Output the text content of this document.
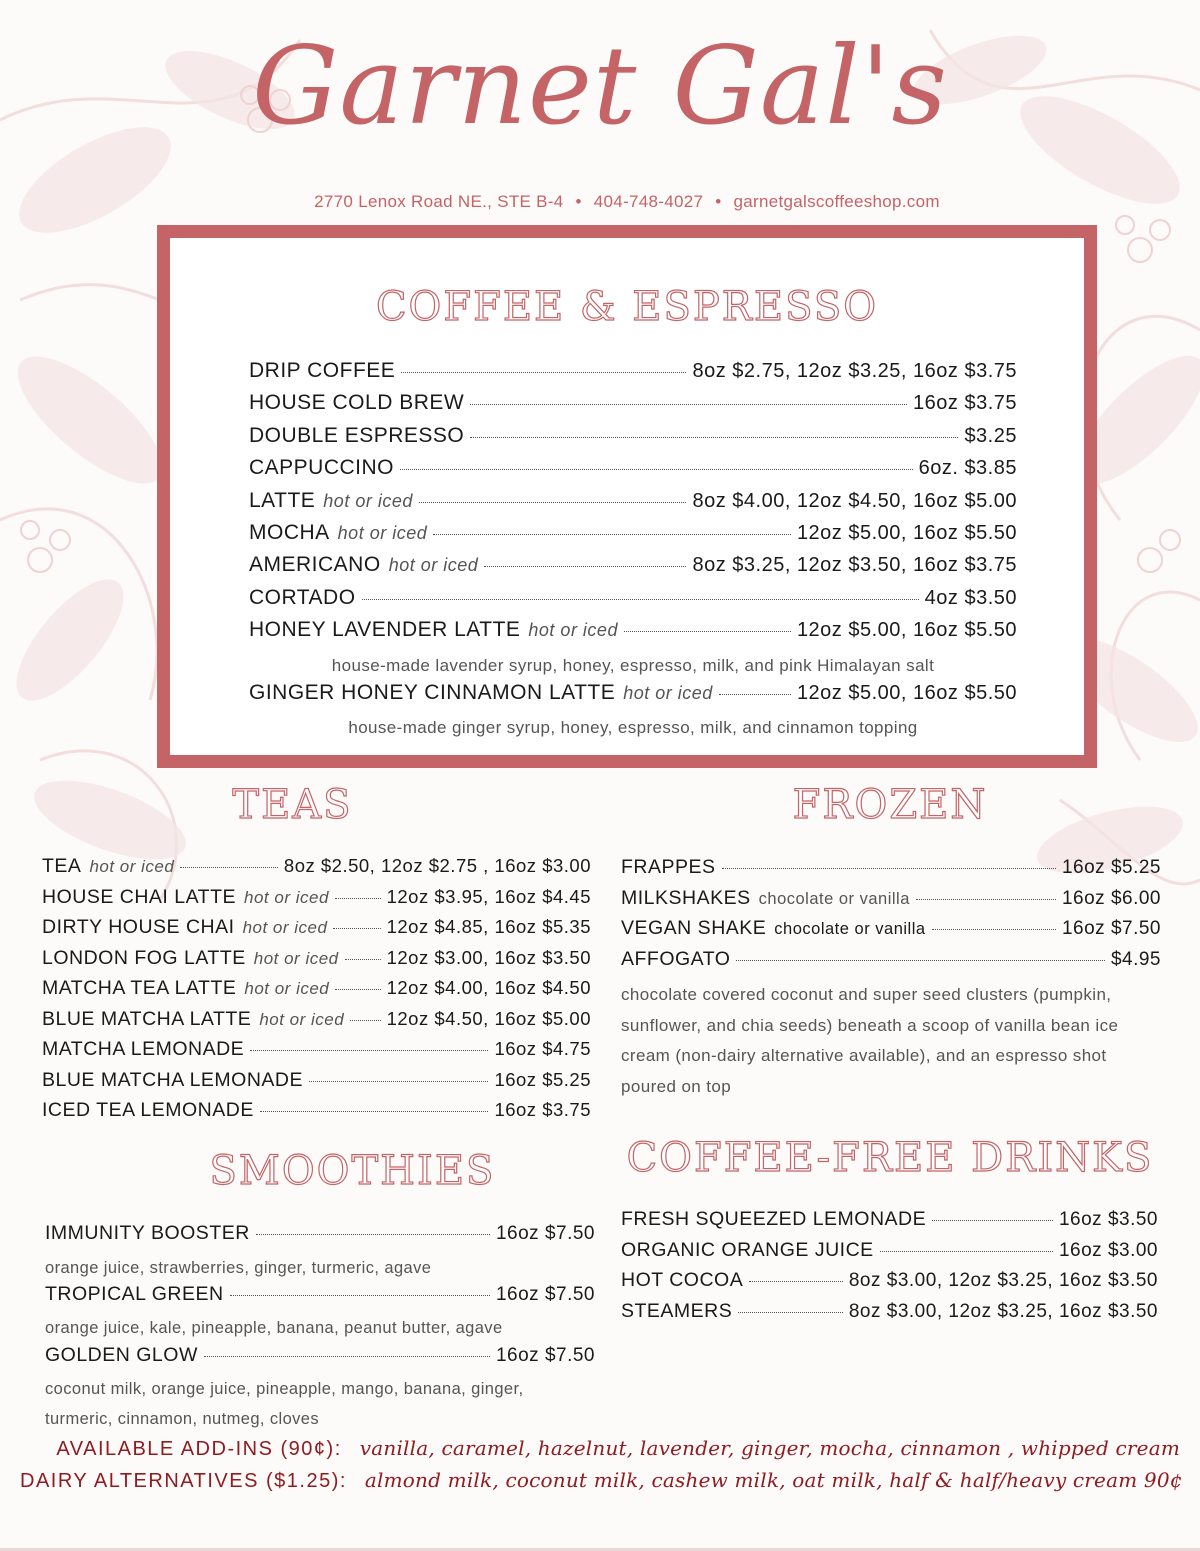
Garnet Gal's
2770 Lenox Road NE., STE B-4 • 404-748-4027 • garnetgalscoffeeshop.com
COFFEE & ESPRESSO
DRIP COFFEE	8oz $2.75, 12oz $3.25, 16oz $3.75
HOUSE COLD BREW	16oz $3.75
DOUBLE ESPRESSO	$3.25
CAPPUCCINO	6oz. $3.85
LATTE hot or iced	8oz $4.00, 12oz $4.50, 16oz $5.00
MOCHA hot or iced	12oz $5.00, 16oz $5.50
AMERICANO hot or iced	8oz $3.25, 12oz $3.50, 16oz $3.75
CORTADO	4oz $3.50
HONEY LAVENDER LATTE hot or iced	12oz $5.00, 16oz $5.50
house-made lavender syrup, honey, espresso, milk, and pink Himalayan salt
GINGER HONEY CINNAMON LATTE hot or iced	12oz $5.00, 16oz $5.50
house-made ginger syrup, honey, espresso, milk, and cinnamon topping
TEAS
TEA hot or iced	8oz $2.50, 12oz $2.75 , 16oz $3.00
HOUSE CHAI LATTE hot or iced	12oz $3.95, 16oz $4.45
DIRTY HOUSE CHAI hot or iced	12oz $4.85, 16oz $5.35
LONDON FOG LATTE hot or iced	12oz $3.00, 16oz $3.50
MATCHA TEA LATTE hot or iced	12oz $4.00, 16oz $4.50
BLUE MATCHA LATTE hot or iced 12oz $4.50, 16oz $5.00
MATCHA LEMONADE	16oz $4.75
BLUE MATCHA LEMONADE	16oz $5.25
ICED TEA LEMONADE	16oz $3.75
FROZEN
FRAPPES	16oz $5.25
MILKSHAKES chocolate or vanilla	16oz $6.00
VEGAN SHAKE chocolate or vanilla	16oz $7.50
AFFOGATO	$4.95
chocolate covered coconut and super seed clusters (pumpkin, sunflower, and chia seeds) beneath a scoop of vanilla bean ice cream (non-dairy alternative available), and an espresso shot poured on top
SMOOTHIES
IMMUNITY BOOSTER	16oz $7.50
orange juice, strawberries, ginger, turmeric, agave
TROPICAL GREEN	16oz $7.50
orange juice, kale, pineapple, banana, peanut butter, agave
GOLDEN GLOW	16oz $7.50
coconut milk, orange juice, pineapple, mango, banana, ginger, turmeric, cinnamon, nutmeg, cloves
COFFEE-FREE DRINKS
FRESH SQUEEZED LEMONADE	16oz $3.50
ORGANIC ORANGE JUICE	16oz $3.00
HOT COCOA	8oz $3.00, 12oz $3.25, 16oz $3.50
STEAMERS	8oz $3.00, 12oz $3.25, 16oz $3.50
AVAILABLE ADD-INS (90¢): vanilla, caramel, hazelnut, lavender, ginger, mocha, cinnamon , whipped cream
DAIRY ALTERNATIVES ($1.25): almond milk, coconut milk, cashew milk, oat milk, half & half/heavy cream 90¢
